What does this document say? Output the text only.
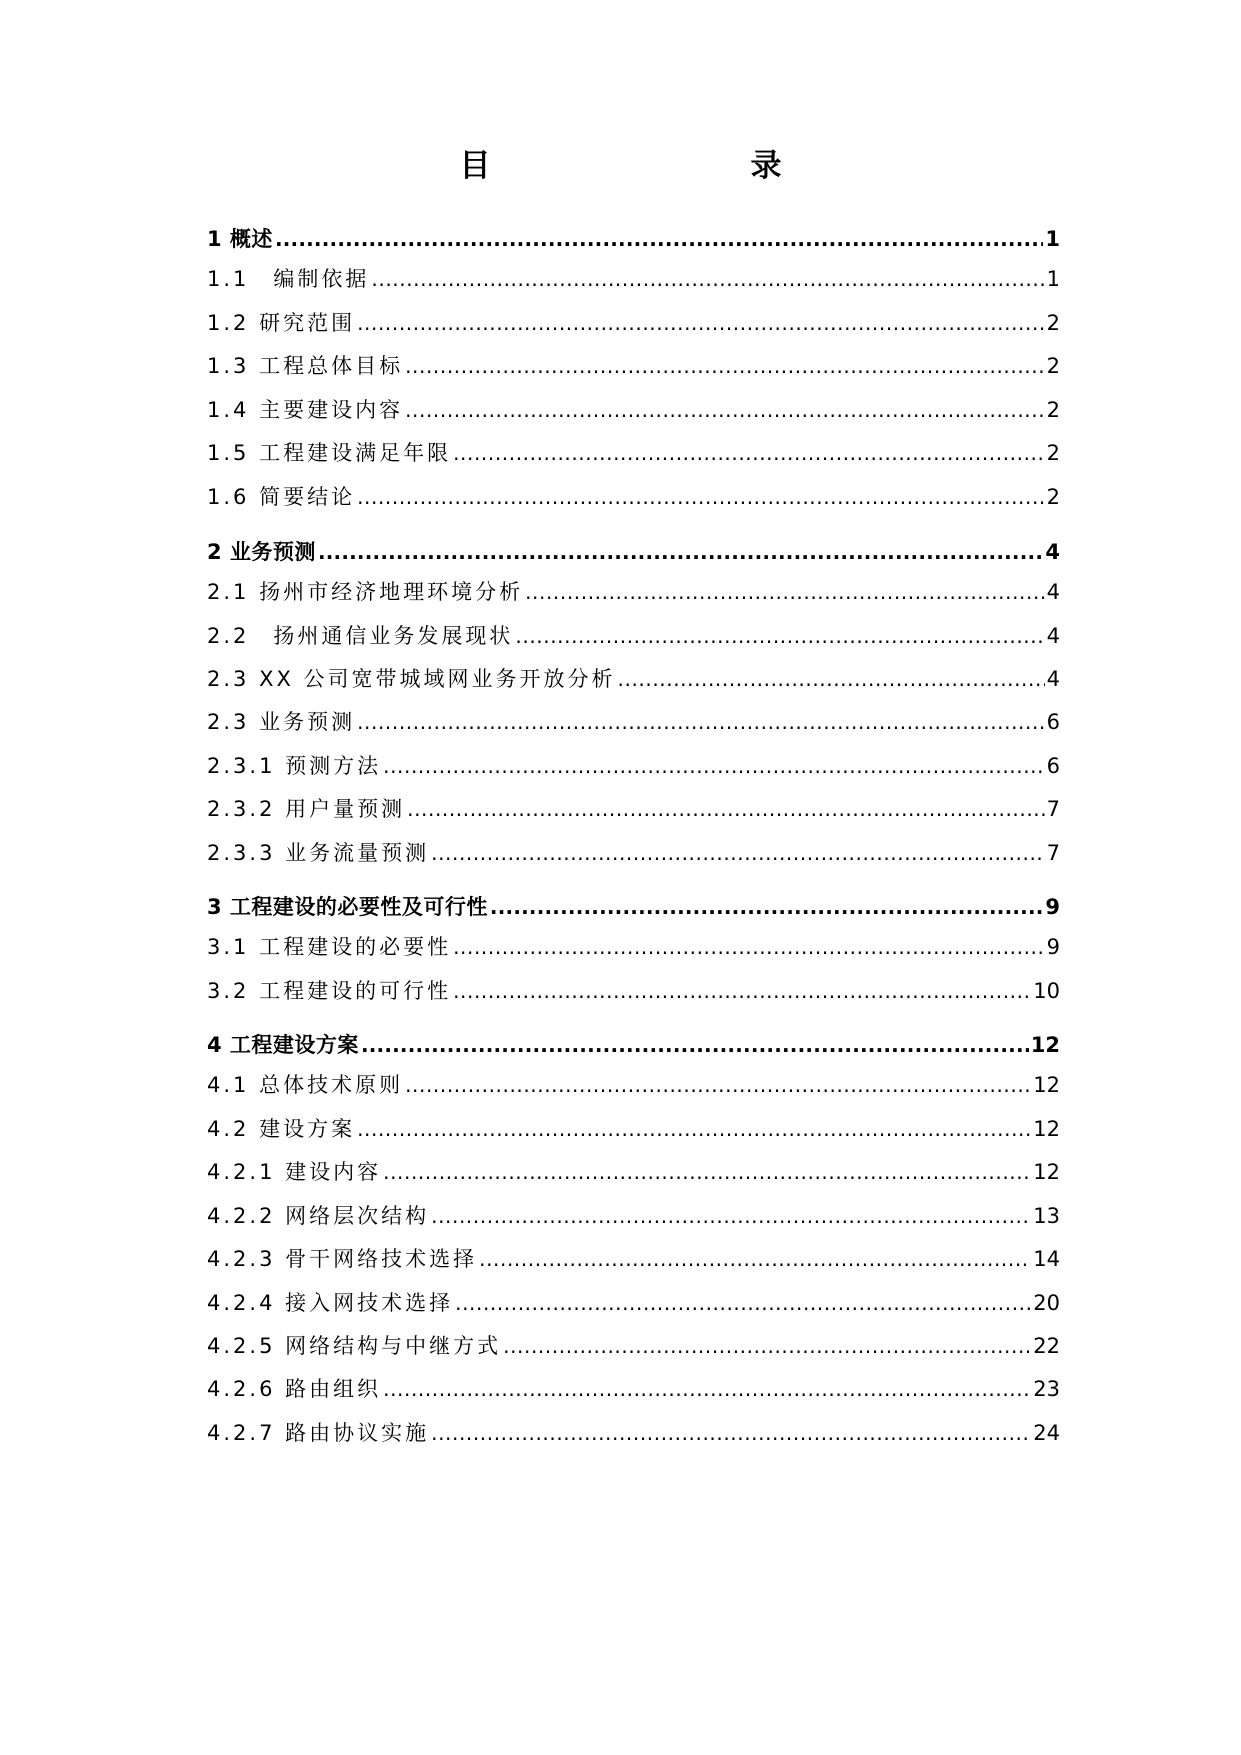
目　　录
1 概述 .....	1
1.1　编制依据 .....	1
1.2 研究范围 .....	2
1.3 工程总体目标 .....	2
1.4 主要建设内容 .....	2
1.5 工程建设满足年限 .....	2
1.6 简要结论 .....	2
2 业务预测 .....	4
2.1 扬州市经济地理环境分析 .....	4
2.2　扬州通信业务发展现状 .....	4
2.3 XX 公司宽带城域网业务开放分析 .....	4
2.3 业务预测 .....	6
2.3.1 预测方法 .....	6
2.3.2 用户量预测 .....	7
2.3.3 业务流量预测 .....	7
3 工程建设的必要性及可行性 .....	9
3.1 工程建设的必要性 .....	9
3.2 工程建设的可行性 .....	10
4 工程建设方案 .....	12
4.1 总体技术原则 .....	12
4.2 建设方案 .....	12
4.2.1 建设内容 .....	12
4.2.2 网络层次结构 .....	13
4.2.3 骨干网络技术选择 .....	14
4.2.4 接入网技术选择 .....	20
4.2.5 网络结构与中继方式 .....	22
4.2.6 路由组织 .....	23
4.2.7 路由协议实施 .....	24
